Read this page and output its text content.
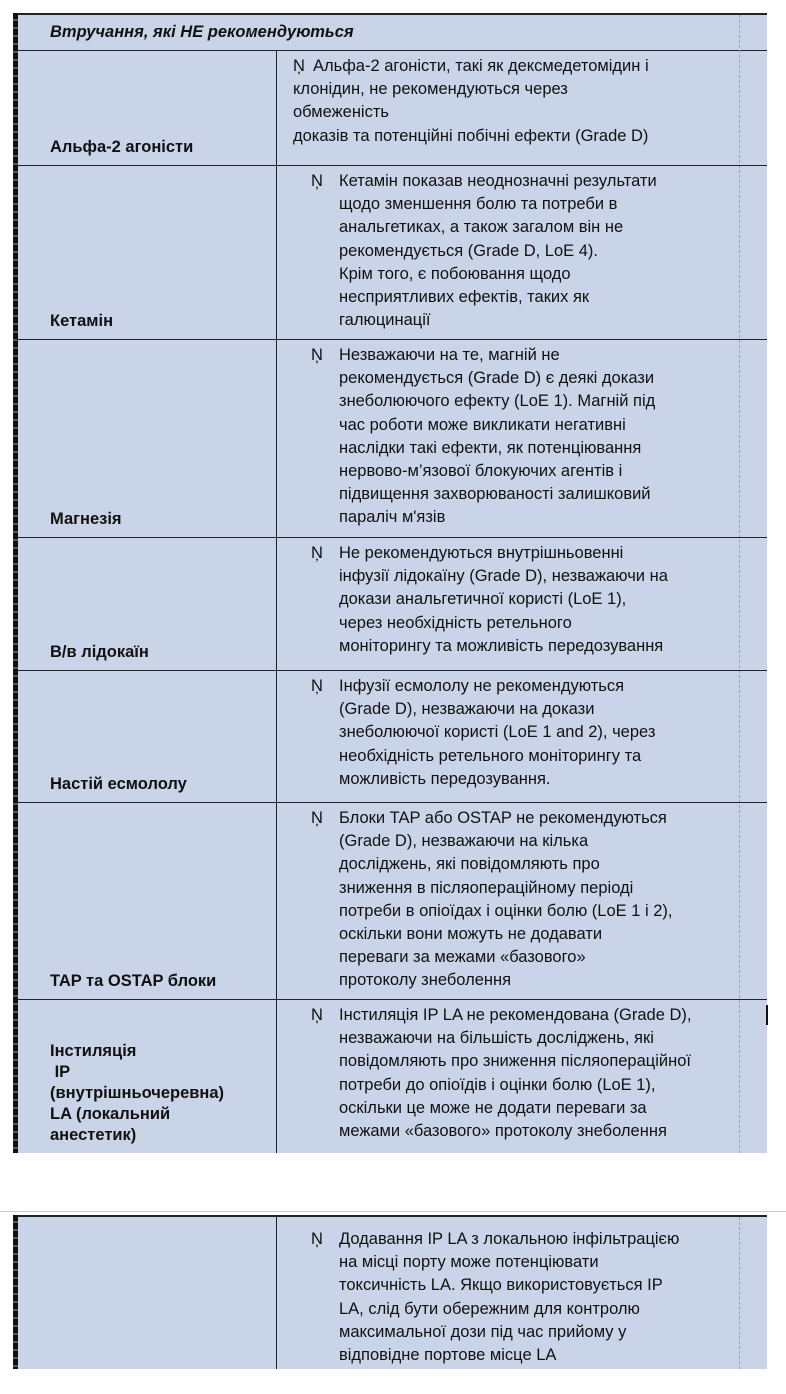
Втручання, які НЕ рекомендуються
Альфа-2 агоністи
Ņ Альфа-2 агоністи, такі як дексмедетомідин і
клонідин, не рекомендуються через
обмеженість
доказів та потенційні побічні ефекти (Grade D)
Кетамін
Ņ Кетамін показав неоднозначні результати
щодо зменшення болю та потреби в
анальгетиках, а також загалом він не
рекомендується (Grade D, LoE 4).
Крім того, є побоювання щодо
несприятливих ефектів, таких як
галюцинації
Магнезія
Ņ Незважаючи на те, магній не
рекомендується (Grade D) є деякі докази
знеболюючого ефекту (LoE 1). Магній під
час роботи може викликати негативні
наслідки такі ефекти, як потенціювання
нервово-м’язової блокуючих агентів і
підвищення захворюваності залишковий
параліч м'язів
В/в лідокаїн
Ņ Не рекомендуються внутрішньовенні
інфузії лідокаїну (Grade D), незважаючи на
докази анальгетичної користі (LoE 1),
через необхідність ретельного
моніторингу та можливість передозування
Настій есмололу
Ņ Інфузії есмололу не рекомендуються
(Grade D), незважаючи на докази
знеболюючої користі (LoE 1 and 2), через
необхідність ретельного моніторингу та
можливість передозування.
TAP та OSTAP блоки
Ņ Блоки TAP або OSTAP не рекомендуються
(Grade D), незважаючи на кілька
досліджень, які повідомляють про
зниження в післяопераційному періоді
потреби в опіоїдах і оцінки болю (LoE 1 і 2),
оскільки вони можуть не додавати
переваги за межами «базового»
протоколу знеболення
Інстиляція
IP
(внутрішньочеревна)
LA (локальний
анестетик)
Ņ Інстиляція IP LA не рекомендована (Grade D),
незважаючи на більшість досліджень, які
повідомляють про зниження післяопераційної
потреби до опіоїдів і оцінки болю (LoE 1),
оскільки це може не додати переваги за
межами «базового» протоколу знеболення
Ņ Додавання IP LA з локальною інфільтрацією
на місці порту може потенціювати
токсичність LA. Якщо використовується IP
LA, слід бути обережним для контролю
максимальної дози під час прийому у
відповідне портове місце LA
